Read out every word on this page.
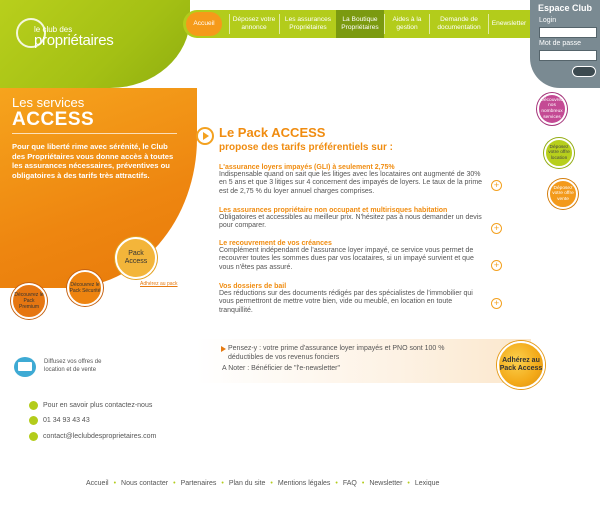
le club des
propriétaires
Accueil
Déposez votre annonce
Les assurances Propriétaires
La Boutique Propriétaires
Aides à la gestion
Demande de documentation
Enewsletter
Espace Club
Login
Mot de passe
Découvrez nos nombreux services
Déposez votre offre location
Déposez votre offre vente
Les services
ACCESS
Pour que liberté rime avec sérénité, le Club des Propriétaires vous donne accès à toutes les assurances nécessaires, préventives ou obligatoires à des tarifs très attractifs.
Pack Access
Découvrez le Pack Premium
Découvrez le Pack Sécurité
Adhérez au pack
Diffusez vos offres de location et de vente
Pour en savoir plus contactez-nous
01 34 93 43 43
contact@leclubdesproprietaires.com
Le Pack ACCESS
propose des tarifs préférentiels sur :
L'assurance loyers impayés (GLI) à seulement 2,75%
Indispensable quand on sait que les litiges avec les locataires ont augmenté de 30% en 5 ans et que 3 litiges sur 4 concernent des impayés de loyers. Le taux de la prime est de 2,75 % du loyer annuel charges comprises.
+
Les assurances propriétaire non occupant et multirisques habitation
Obligatoires et accessibles au meilleur prix. N'hésitez pas à nous demander un devis pour comparer.	+
Le recouvrement de vos créances
Complément indépendant de l'assurance loyer impayé, ce service vous permet de recouvrer toutes les sommes dues par vos locataires, si un impayé survient et que vous n'êtes pas assuré.	+
Vos dossiers de bail
Des réductions sur des documents rédigés par des spécialistes de l'immobilier qui vous permettront de mettre votre bien, vide ou meublé, en location en toute tranquillité.
+
Pensez-y : votre prime d'assurance loyer impayés et PNO sont 100 % déductibles de vos revenus fonciers
A Noter : Bénéficier de "l'e-newsletter"
Adhérez au Pack Access
Accueil • Nous contacter • Partenaires • Plan du site • Mentions légales • FAQ • Newsletter • Lexique
